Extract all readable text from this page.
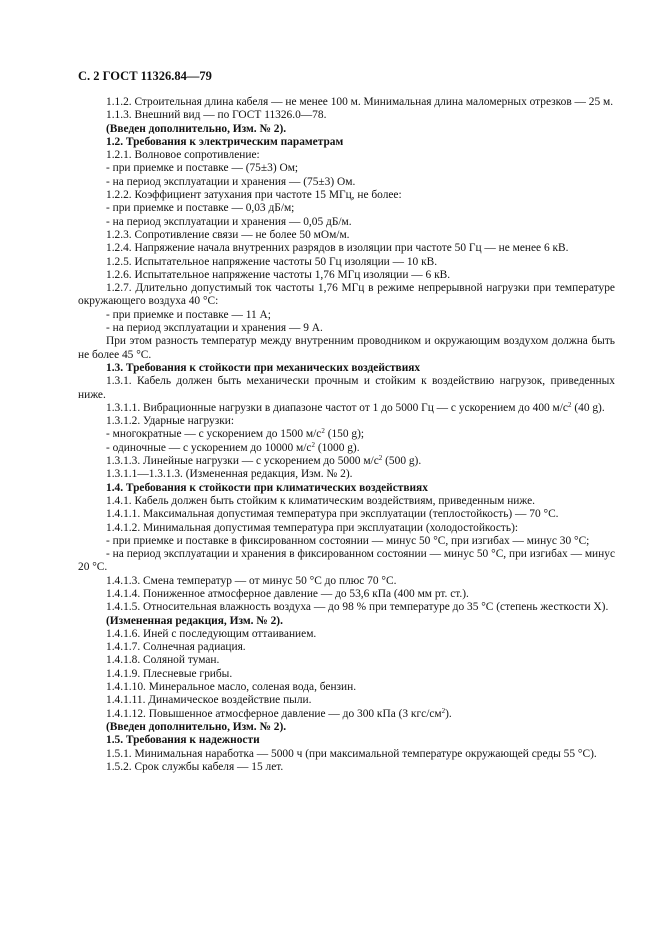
С. 2 ГОСТ 11326.84—79

1.1.2. Строительная длина кабеля — не менее 100 м. Минимальная длина маломерных отрезков — 25 м.

1.1.3. Внешний вид — по ГОСТ 11326.0—78.

(Введен дополнительно, Изм. № 2).

1.2. Требования к электрическим параметрам

1.2.1. Волновое сопротивление:

- при приемке и поставке — (75±3) Ом;

- на период эксплуатации и хранения — (75±3) Ом.

1.2.2. Коэффициент затухания при частоте 15 МГц, не более:

- при приемке и поставке — 0,03 дБ/м;

- на период эксплуатации и хранения — 0,05 дБ/м.

1.2.3. Сопротивление связи — не более 50 мОм/м.

1.2.4. Напряжение начала внутренних разрядов в изоляции при частоте 50 Гц — не менее 6 кВ.

1.2.5. Испытательное напряжение частоты 50 Гц изоляции — 10 кВ.

1.2.6. Испытательное напряжение частоты 1,76 МГц изоляции — 6 кВ.

1.2.7. Длительно допустимый ток частоты 1,76 МГц в режиме непрерывной нагрузки при температуре окружающего воздуха 40 °С:

- при приемке и поставке — 11 А;

- на период эксплуатации и хранения — 9 А.

При этом разность температур между внутренним проводником и окружающим воздухом должна быть не более 45 °С.

1.3. Требования к стойкости при механических воздействиях

1.3.1. Кабель должен быть механически прочным и стойким к воздействию нагрузок, приведенных ниже.

1.3.1.1. Вибрационные нагрузки в диапазоне частот от 1 до 5000 Гц — с ускорением до 400 $м/с^2$ (40 g).

1.3.1.2. Ударные нагрузки:

- многократные — с ускорением до 1500 $м/с^2$ (150 g);

- одиночные — с ускорением до 10000 $м/с^2$ (1000 g).

1.3.1.3. Линейные нагрузки — с ускорением до 5000 $м/с^2$ (500 g).

1.3.1.1—1.3.1.3. (Измененная редакция, Изм. № 2).

1.4. Требования к стойкости при климатических воздействиях

1.4.1. Кабель должен быть стойким к климатическим воздействиям, приведенным ниже.

1.4.1.1. Максимальная допустимая температура при эксплуатации (теплостойкость) — 70 °С.

1.4.1.2. Минимальная допустимая температура при эксплуатации (холодостойкость):

- при приемке и поставке в фиксированном состоянии — минус 50 °С, при изгибах — минус 30 °С;

- на период эксплуатации и хранения в фиксированном состоянии — минус 50 °С, при изгибах — минус 20 °С.

1.4.1.3. Смена температур — от минус 50 °С до плюс 70 °С.

1.4.1.4. Пониженное атмосферное давление — до 53,6 кПа (400 мм рт. ст.).

1.4.1.5. Относительная влажность воздуха — до 98 % при температуре до 35 °С (степень жесткости X).

(Измененная редакция, Изм. № 2).

1.4.1.6. Иней с последующим оттаиванием.

1.4.1.7. Солнечная радиация.

1.4.1.8. Соляной туман.

1.4.1.9. Плесневые грибы.

1.4.1.10. Минеральное масло, соленая вода, бензин.

1.4.1.11. Динамическое воздействие пыли.

1.4.1.12. Повышенное атмосферное давление — до 300 кПа (3 кгс/$см^2$).

(Введен дополнительно, Изм. № 2).

1.5. Требования к надежности

1.5.1. Минимальная наработка — 5000 ч (при максимальной температуре окружающей среды 55 °С).

1.5.2. Срок службы кабеля — 15 лет.
